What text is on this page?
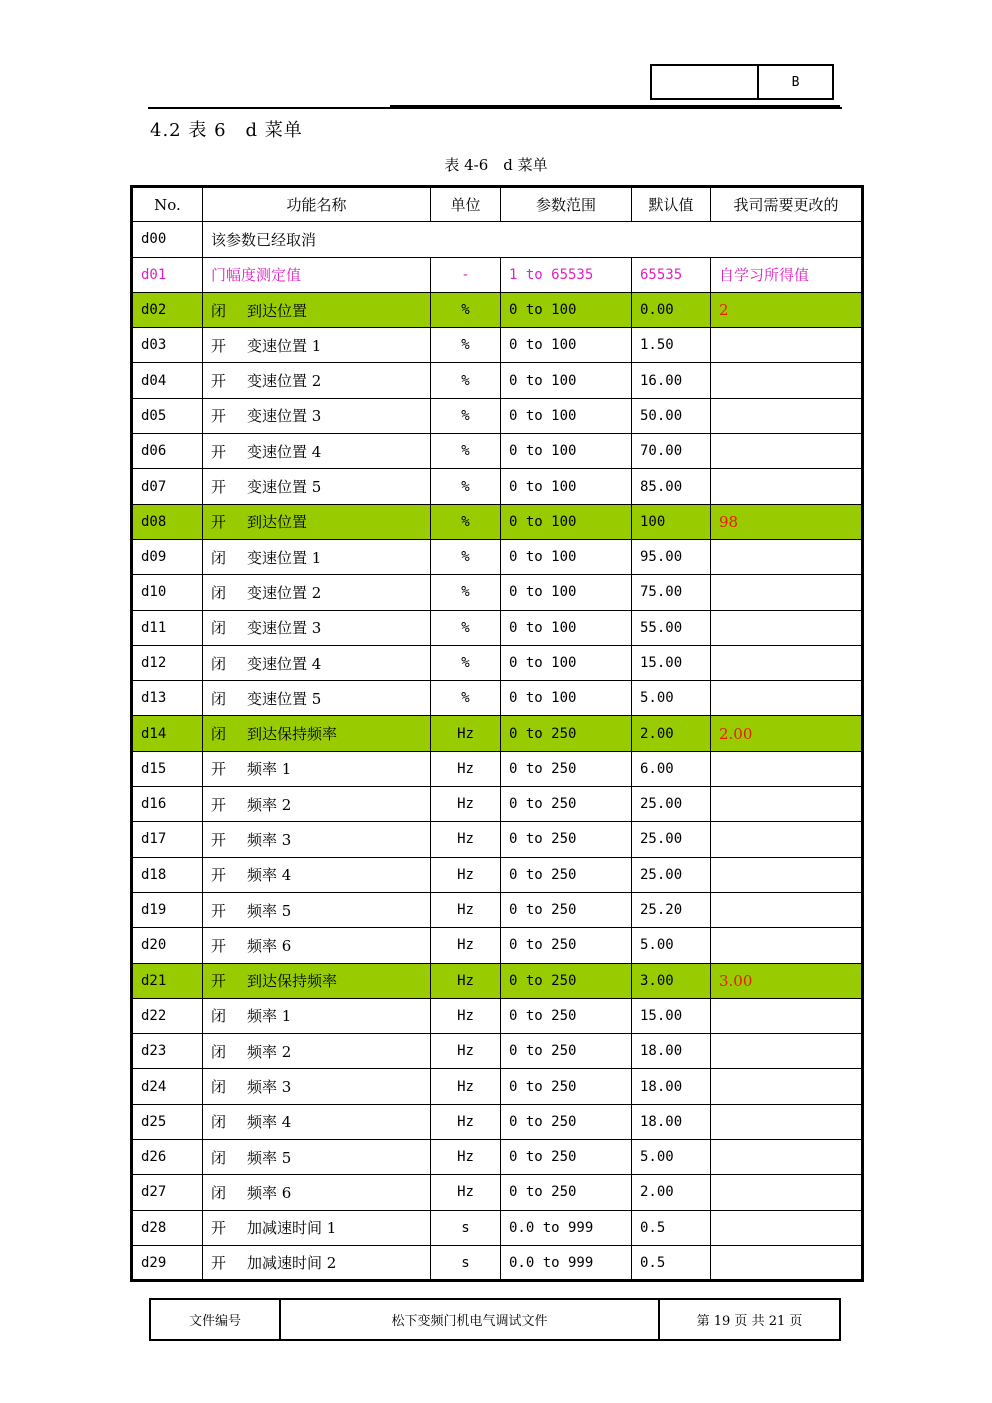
B
4.2 表 6　d 菜单
表 4-6　d 菜单
No.	功能名称	单位	参数范围	默认值	我司需要更改的
d00	该参数已经取消				
d01	门幅度测定值	-	1 to 65535	65535	自学习所得值
d02	闭 到达位置	%	0 to 100	0.00	2
d03	开 变速位置 1	%	0 to 100	1.50	
d04	开 变速位置 2	%	0 to 100	16.00	
d05	开 变速位置 3	%	0 to 100	50.00	
d06	开 变速位置 4	%	0 to 100	70.00	
d07	开 变速位置 5	%	0 to 100	85.00	
d08	开 到达位置	%	0 to 100	100	98
d09	闭 变速位置 1	%	0 to 100	95.00	
d10	闭 变速位置 2	%	0 to 100	75.00	
d11	闭 变速位置 3	%	0 to 100	55.00	
d12	闭 变速位置 4	%	0 to 100	15.00	
d13	闭 变速位置 5	%	0 to 100	5.00	
d14	闭 到达保持频率	Hz	0 to 250	2.00	2.00
d15	开 频率 1	Hz	0 to 250	6.00	
d16	开 频率 2	Hz	0 to 250	25.00	
d17	开 频率 3	Hz	0 to 250	25.00	
d18	开 频率 4	Hz	0 to 250	25.00	
d19	开 频率 5	Hz	0 to 250	25.20	
d20	开 频率 6	Hz	0 to 250	5.00	
d21	开 到达保持频率	Hz	0 to 250	3.00	3.00
d22	闭 频率 1	Hz	0 to 250	15.00	
d23	闭 频率 2	Hz	0 to 250	18.00	
d24	闭 频率 3	Hz	0 to 250	18.00	
d25	闭 频率 4	Hz	0 to 250	18.00	
d26	闭 频率 5	Hz	0 to 250	5.00	
d27	闭 频率 6	Hz	0 to 250	2.00	
d28	开 加减速时间 1	s	0.0 to 999	0.5	
d29	开 加减速时间 2	s	0.0 to 999	0.5	
文件编号	松下变频门机电气调试文件	第 19 页 共 21 页
